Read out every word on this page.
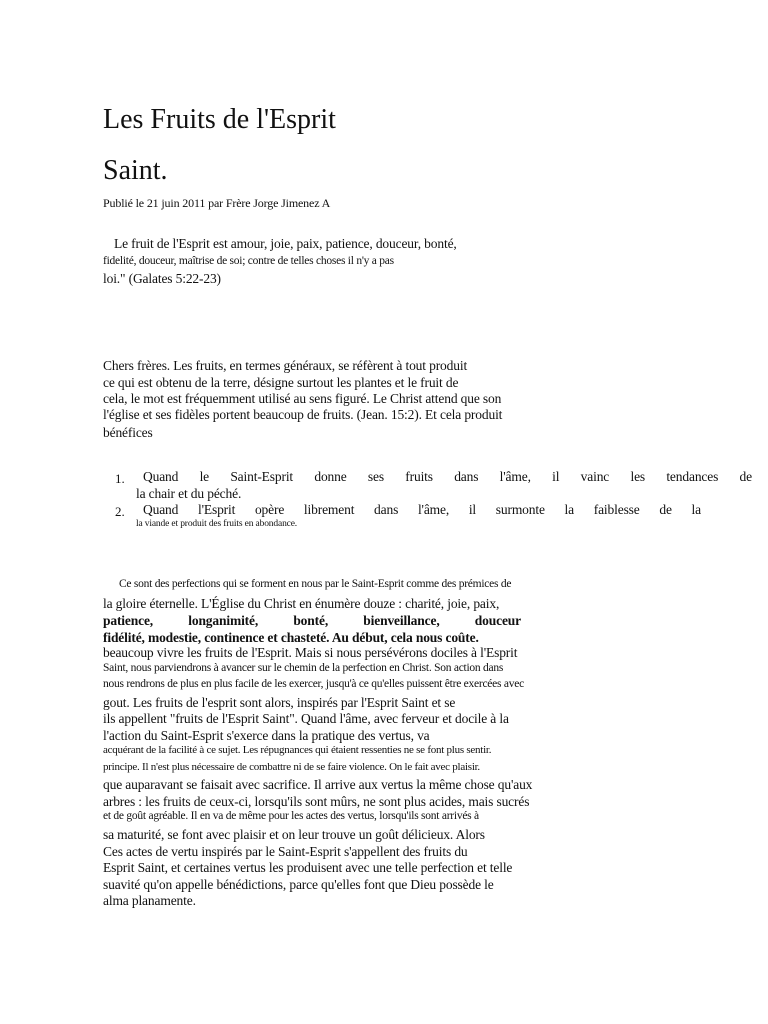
Les Fruits de l'Esprit
Saint.
Publié le 21 juin 2011 par Frère Jorge Jimenez A
Le fruit de l'Esprit est amour, joie, paix, patience, douceur, bonté,
fidelité, douceur, maîtrise de soi; contre de telles choses il n'y a pas
loi." (Galates 5:22-23)
Chers frères. Les fruits, en termes généraux, se réfèrent à tout produit
ce qui est obtenu de la terre, désigne surtout les plantes et le fruit de
cela, le mot est fréquemment utilisé au sens figuré. Le Christ attend que son
l'église et ses fidèles portent beaucoup de fruits. (Jean. 15:2). Et cela produit
bénéfices
1. Quand le Saint-Esprit donne ses fruits dans l'âme, il vainc les tendances de
la chair et du péché.
2. Quand l'Esprit opère librement dans l'âme, il surmonte la faiblesse de la
la viande et produit des fruits en abondance.
Ce sont des perfections qui se forment en nous par le Saint-Esprit comme des prémices de
la gloire éternelle. L'Église du Christ en énumère douze : charité, joie, paix,
patience,	longanimité,	bonté,	bienveillance,	douceur
fidélité, modestie, continence et chasteté. Au début, cela nous coûte.
beaucoup vivre les fruits de l'Esprit. Mais si nous persévérons dociles à l'Esprit
Saint, nous parviendrons à avancer sur le chemin de la perfection en Christ. Son action dans
nous rendrons de plus en plus facile de les exercer, jusqu'à ce qu'elles puissent être exercées avec
gout. Les fruits de l'esprit sont alors, inspirés par l'Esprit Saint et se
ils appellent "fruits de l'Esprit Saint". Quand l'âme, avec ferveur et docile à la
l'action du Saint-Esprit s'exerce dans la pratique des vertus, va
acquérant de la facilité à ce sujet. Les répugnances qui étaient ressenties ne se font plus sentir.
principe. Il n'est plus nécessaire de combattre ni de se faire violence. On le fait avec plaisir.
que auparavant se faisait avec sacrifice. Il arrive aux vertus la même chose qu'aux
arbres : les fruits de ceux-ci, lorsqu'ils sont mûrs, ne sont plus acides, mais sucrés
et de goût agréable. Il en va de même pour les actes des vertus, lorsqu'ils sont arrivés à
sa maturité, se font avec plaisir et on leur trouve un goût délicieux. Alors
Ces actes de vertu inspirés par le Saint-Esprit s'appellent des fruits du
Esprit Saint, et certaines vertus les produisent avec une telle perfection et telle
suavité qu'on appelle bénédictions, parce qu'elles font que Dieu possède le
alma planamente.
